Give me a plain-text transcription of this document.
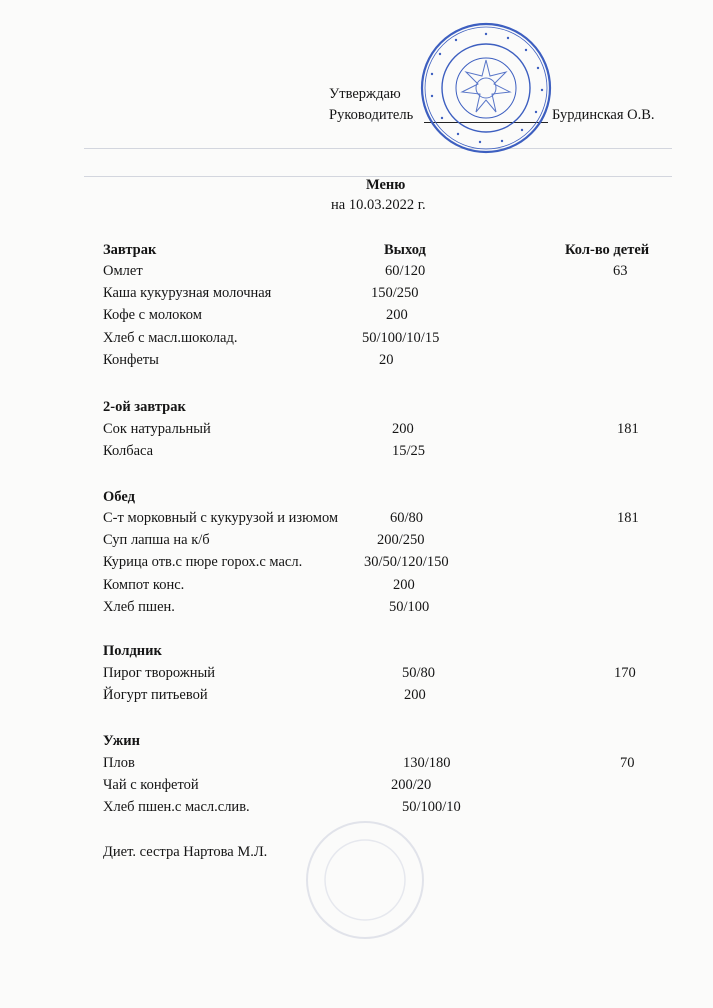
Утверждаю
Руководитель	Бурдинская О.В.
Меню
на 10.03.2022 г.
Завтрак	Выход	Кол-во детей
Омлет	60/120	63
Каша кукурузная молочная	150/250
Кофе с молоком	200
Хлеб с масл.шоколад.	50/100/10/15
Конфеты	20
2-ой завтрак
Сок натуральный	200	181
Колбаса	15/25
Обед
С-т морковный с кукурузой и изюмом	60/80	181
Суп лапша на к/б	200/250
Курица отв.с пюре горох.с масл.	30/50/120/150
Компот конс.	200
Хлеб пшен.	50/100
Полдник
Пирог творожный	50/80	170
Йогурт питьевой	200
Ужин
Плов	130/180	70
Чай с конфетой	200/20
Хлеб пшен.с масл.слив.	50/100/10
Диет. сестра Нартова М.Л.
